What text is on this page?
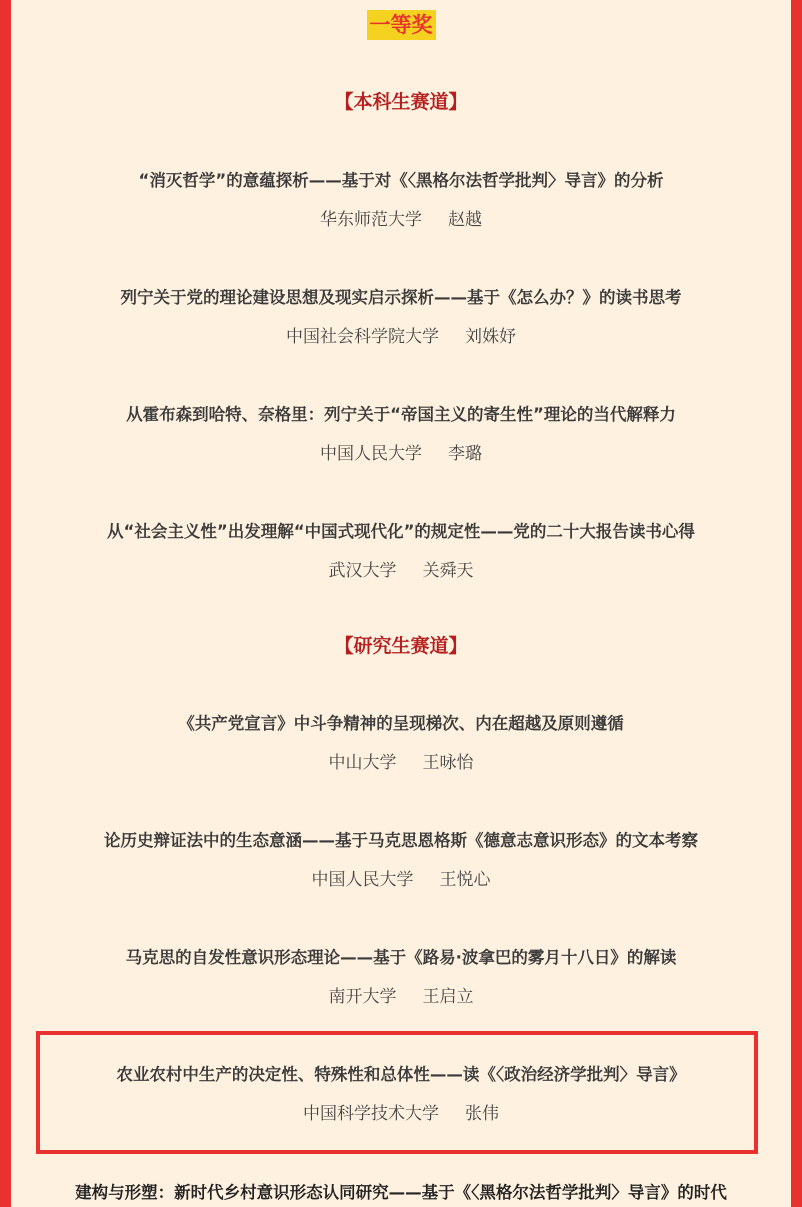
一等奖
【本科生赛道】
“消灭哲学”的意蕴探析——基于对《〈黑格尔法哲学批判〉导言》的分析
华东师范大学 赵越
列宁关于党的理论建设思想及现实启示探析——基于《怎么办？》的读书思考
中国社会科学院大学 刘姝妤
从霍布森到哈特、奈格里：列宁关于“帝国主义的寄生性”理论的当代解释力
中国人民大学 李璐
从“社会主义性”出发理解“中国式现代化”的规定性——党的二十大报告读书心得
武汉大学 关舜天
【研究生赛道】
《共产党宣言》中斗争精神的呈现梯次、内在超越及原则遵循
中山大学 王咏怡
论历史辩证法中的生态意涵——基于马克思恩格斯《德意志意识形态》的文本考察
中国人民大学 王悦心
马克思的自发性意识形态理论——基于《路易·波拿巴的雾月十八日》的解读
南开大学 王启立
农业农村中生产的决定性、特殊性和总体性——读《〈政治经济学批判〉导言》
中国科学技术大学 张伟
建构与形塑：新时代乡村意识形态认同研究——基于《〈黑格尔法哲学批判〉导言》的时代
